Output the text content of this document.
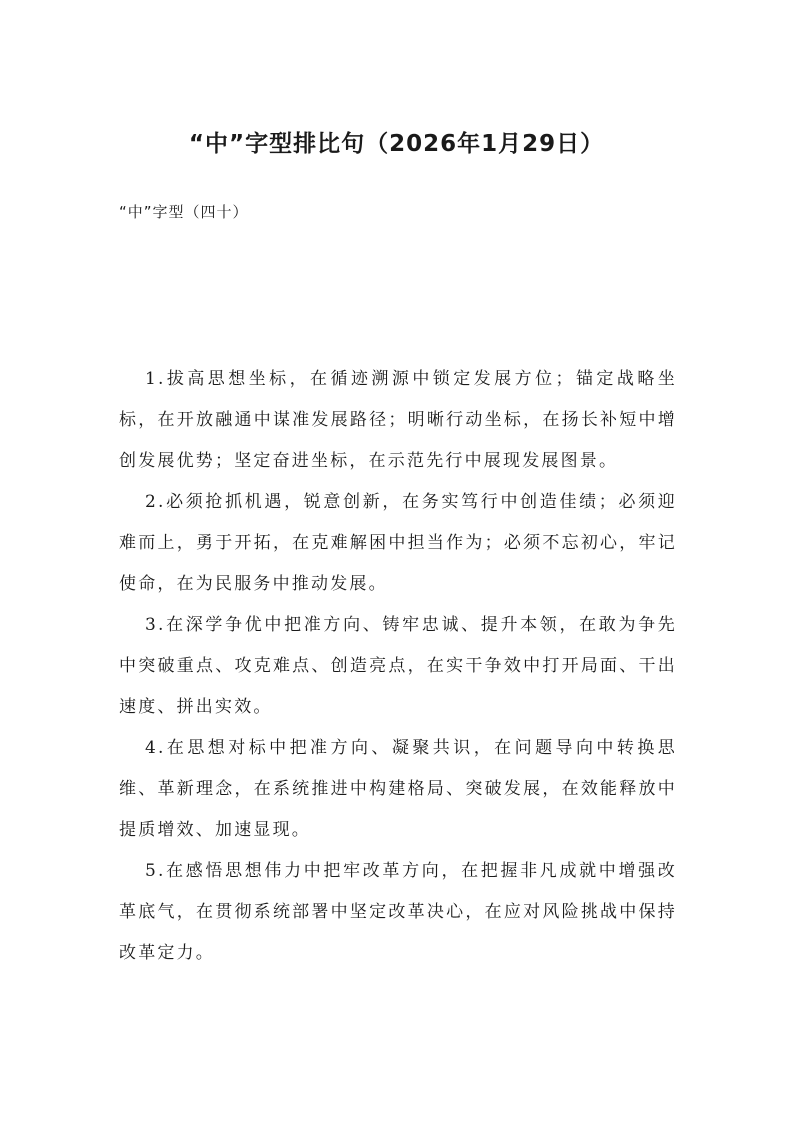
“中”字型排比句（2026年1月29日）

“中”字型（四十）

1.拔高思想坐标，在循迹溯源中锁定发展方位；锚定战略坐标，在开放融通中谋准发展路径；明晰行动坐标，在扬长补短中增创发展优势；坚定奋进坐标，在示范先行中展现发展图景。

2.必须抢抓机遇，锐意创新，在务实笃行中创造佳绩；必须迎难而上，勇于开拓，在克难解困中担当作为；必须不忘初心，牢记使命，在为民服务中推动发展。

3.在深学争优中把准方向、铸牢忠诚、提升本领，在敢为争先中突破重点、攻克难点、创造亮点，在实干争效中打开局面、干出速度、拼出实效。

4.在思想对标中把准方向、凝聚共识，在问题导向中转换思维、革新理念，在系统推进中构建格局、突破发展，在效能释放中提质增效、加速显现。

5.在感悟思想伟力中把牢改革方向，在把握非凡成就中增强改革底气，在贯彻系统部署中坚定改革决心，在应对风险挑战中保持改革定力。
